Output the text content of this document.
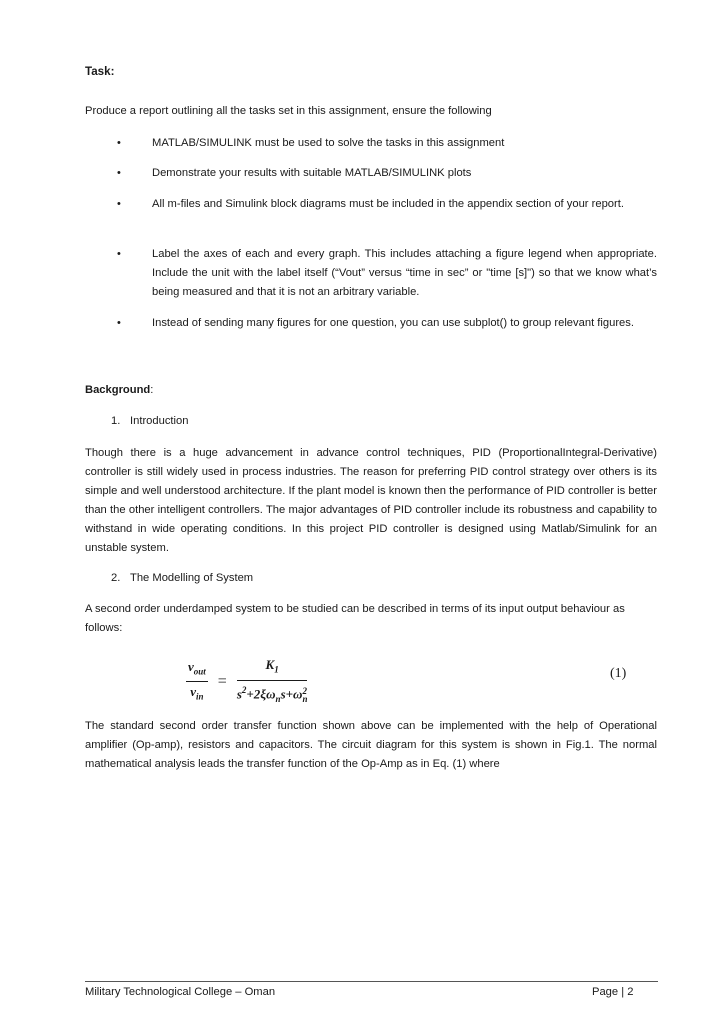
Task:
Produce a report outlining all the tasks set in this assignment, ensure the following
•	MATLAB/SIMULINK must be used to solve the tasks in this assignment
•	Demonstrate your results with suitable MATLAB/SIMULINK plots
•	All m-files and Simulink block diagrams must be included in the appendix section of your report.
•	Label the axes of each and every graph. This includes attaching a figure legend when appropriate. Include the unit with the label itself (“Vout” versus “time in sec” or "time [s]") so that we know what’s being measured and that it is not an arbitrary variable.
•	Instead of sending many figures for one question, you can use subplot() to group relevant figures.
Background:
1. Introduction
Though there is a huge advancement in advance control techniques, PID (ProportionalIntegral-Derivative) controller is still widely used in process industries. The reason for preferring PID control strategy over others is its simple and well understood architecture. If the plant model is known then the performance of PID controller is better than the other intelligent controllers. The major advantages of PID controller include its robustness and capability to withstand in wide operating conditions. In this project PID controller is designed using Matlab/Simulink for an unstable system.
2. The Modelling of System
A second order underdamped system to be studied can be described in terms of its input output behaviour as follows:
$\frac{v_{out}}{v_{in}} = K_1$
$s^2+2\xi\omega_ns+\omega$ 2
n	(1)
The standard second order transfer function shown above can be implemented with the help of Operational amplifier (Op-amp), resistors and capacitors. The circuit diagram for this system is shown in Fig.1. The normal mathematical analysis leads the transfer function of the Op-Amp as in Eq. (1) where
Military Technological College – Oman	Page | 2
